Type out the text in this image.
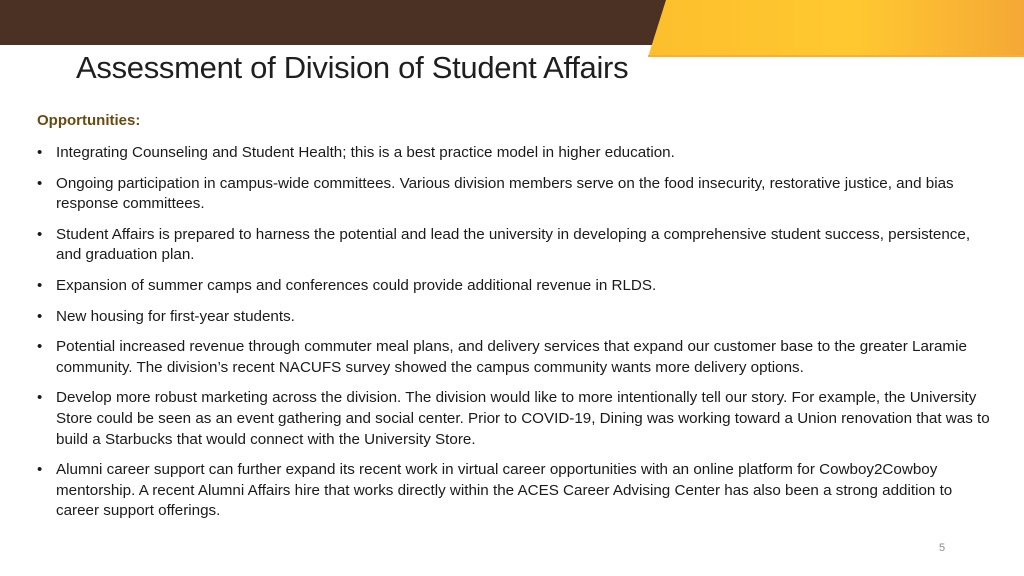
Assessment of Division of Student Affairs
Opportunities:
• Integrating Counseling and Student Health; this is a best practice model in higher education.
• Ongoing participation in campus-wide committees. Various division members serve on the food insecurity, restorative justice, and bias response committees.
• Student Affairs is prepared to harness the potential and lead the university in developing a comprehensive student success, persistence, and graduation plan.
• Expansion of summer camps and conferences could provide additional revenue in RLDS.
• New housing for first-year students.
• Potential increased revenue through commuter meal plans, and delivery services that expand our customer base to the greater Laramie community. The division’s recent NACUFS survey showed the campus community wants more delivery options.
• Develop more robust marketing across the division. The division would like to more intentionally tell our story. For example, the University Store could be seen as an event gathering and social center. Prior to COVID-19, Dining was working toward a Union renovation that was to build a Starbucks that would connect with the University Store.
• Alumni career support can further expand its recent work in virtual career opportunities with an online platform for Cowboy2Cowboy mentorship. A recent Alumni Affairs hire that works directly within the ACES Career Advising Center has also been a strong addition to career support offerings.
5
